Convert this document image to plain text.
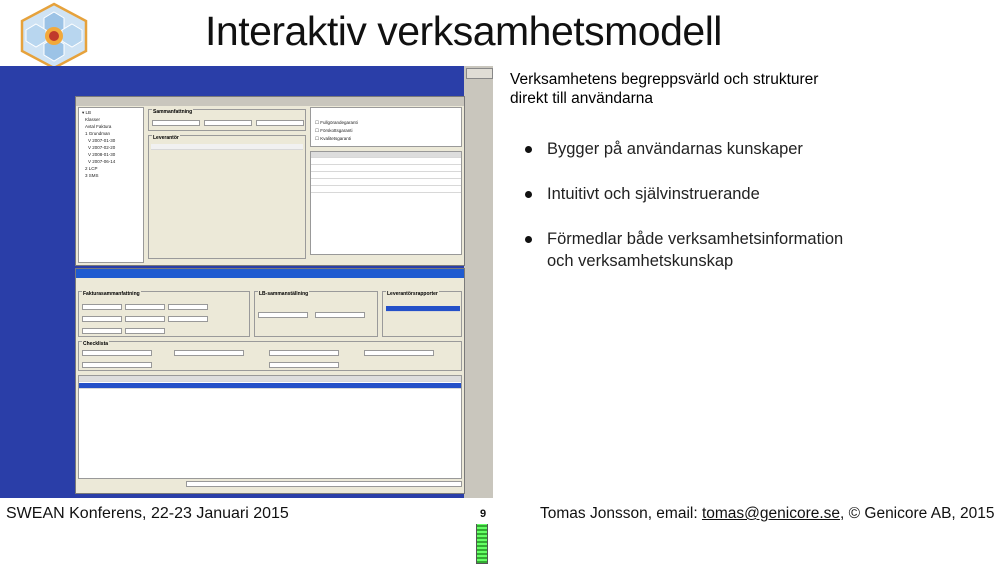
Interaktiv verksamhetsmodell
▾ LB
Klasser
Avtal Faktura
1 Grundman
V 2007-01-30
V 2007-02-20
V 2008-01-30
V 2007-06-14
2 LCP
3 SMS
Sammanfattning
Leverantör
☐ Fullgörandegaranti
☐ Förskottsgaranti
☐ Kvalitetsgaranti
Fakturasammanfattning	LB-sammanställning	Leverantörsrapporter
Checklista
Verksamhetens begreppsvärld och strukturer
direkt till användarna
Bygger på användarnas kunskaper
Intuitivt och självinstruerande
Förmedlar både verksamhetsinformation
och verksamhetskunskap
SWEAN Konferens, 22-23 Januari 2015	9	Tomas Jonsson, email: tomas@genicore.se, © Genicore AB, 2015
